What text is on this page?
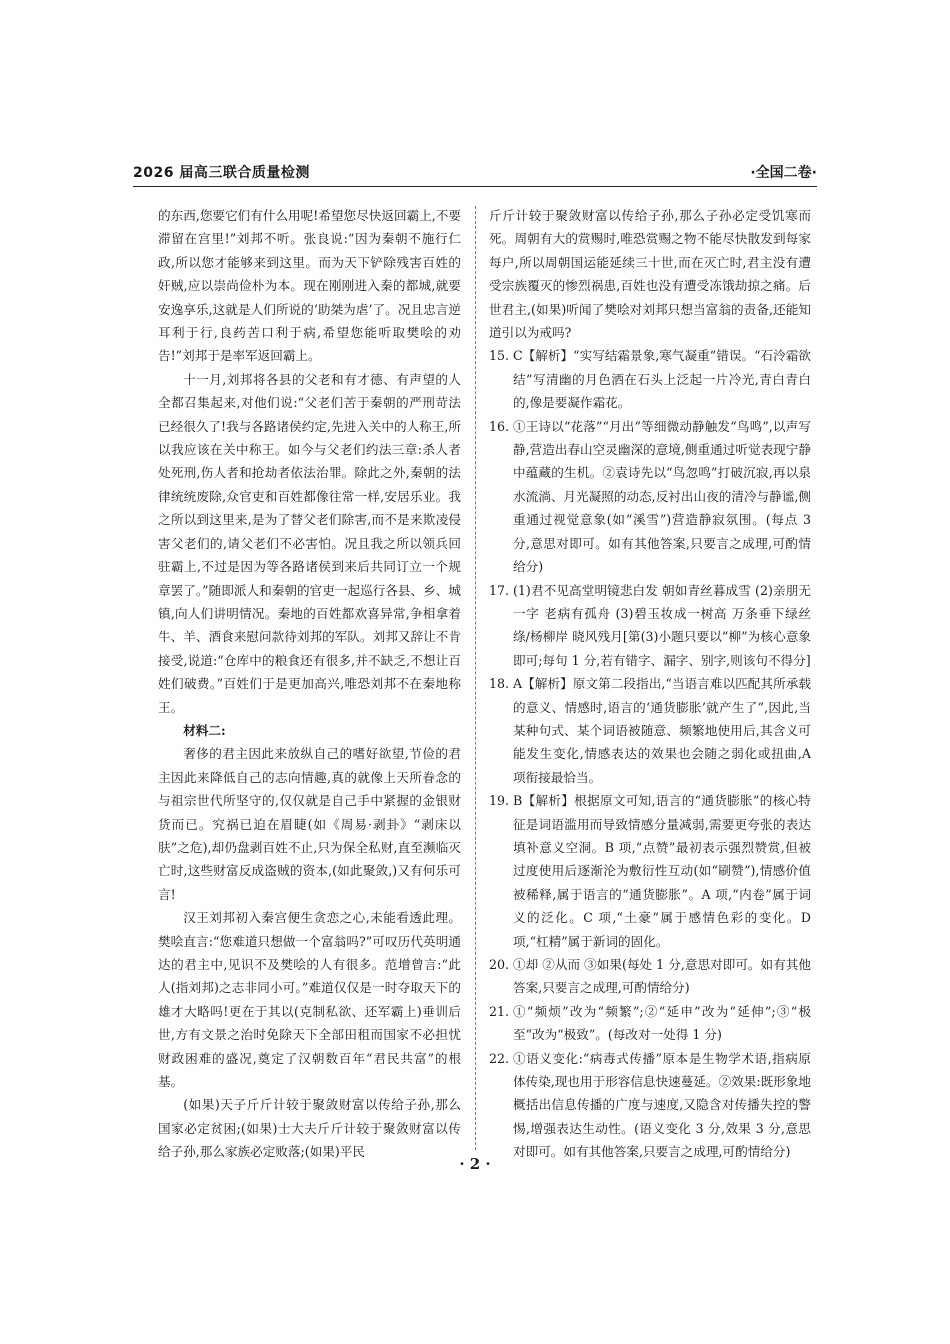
2026 届高三联合质量检测	·全国二卷·

的东西,您要它们有什么用呢!希望您尽快返回霸上,不要滞留在宫里!”刘邦不听。张良说:“因为秦朝不施行仁政,所以您才能够来到这里。而为天下铲除残害百姓的奸贼,应以崇尚俭朴为本。现在刚刚进入秦的都城,就要安逸享乐,这就是人们所说的‘助桀为虐’了。况且忠言逆耳利于行,良药苦口利于病,希望您能听取樊哙的劝告!”刘邦于是率军返回霸上。

十一月,刘邦将各县的父老和有才德、有声望的人全都召集起来,对他们说:“父老们苦于秦朝的严刑苛法已经很久了!我与各路诸侯约定,先进入关中的人称王,所以我应该在关中称王。如今与父老们约法三章:杀人者处死刑,伤人者和抢劫者依法治罪。除此之外,秦朝的法律统统废除,众官吏和百姓都像往常一样,安居乐业。我之所以到这里来,是为了替父老们除害,而不是来欺凌侵害父老们的,请父老们不必害怕。况且我之所以领兵回驻霸上,不过是因为等各路诸侯到来后共同订立一个规章罢了。”随即派人和秦朝的官吏一起巡行各县、乡、城镇,向人们讲明情况。秦地的百姓都欢喜异常,争相拿着牛、羊、酒食来慰问款待刘邦的军队。刘邦又辞让不肯接受,说道:“仓库中的粮食还有很多,并不缺乏,不想让百姓们破费。”百姓们于是更加高兴,唯恐刘邦不在秦地称王。

材料二:

奢侈的君主因此来放纵自己的嗜好欲望,节俭的君主因此来降低自己的志向情趣,真的就像上天所眷念的与祖宗世代所坚守的,仅仅就是自己手中紧握的金银财货而已。究祸已迫在眉睫(如《周易·剥卦》“剥床以肤”之危),却仍盘剥百姓不止,只为保全私财,直至濒临灭亡时,这些财富反成盗贼的资本,(如此聚敛,)又有何乐可言!

汉王刘邦初入秦宫便生贪恋之心,未能看透此理。樊哙直言:“您难道只想做一个富翁吗?”可叹历代英明通达的君主中,见识不及樊哙的人有很多。范增曾言:“此人(指刘邦)之志非同小可。”难道仅仅是一时夺取天下的雄才大略吗!更在于其以(克制私欲、还军霸上)垂训后世,方有文景之治时免除天下全部田租而国家不必担忧财政困难的盛况,奠定了汉朝数百年“君民共富”的根基。

(如果)天子斤斤计较于聚敛财富以传给子孙,那么国家必定贫困;(如果)士大夫斤斤计较于聚敛财富以传给子孙,那么家族必定败落;(如果)平民

斤斤计较于聚敛财富以传给子孙,那么子孙必定受饥寒而死。周朝有大的赏赐时,唯恐赏赐之物不能尽快散发到每家每户,所以周朝国运能延续三十世,而在灭亡时,君主没有遭受宗族覆灭的惨烈祸患,百姓也没有遭受冻饿劫掠之痛。后世君主,(如果)听闻了樊哙对刘邦只想当富翁的责备,还能知道引以为戒吗?

15. C【解析】“实写结霜景象,寒气凝重”错误。“石泠霜欲结”写清幽的月色洒在石头上泛起一片冷光,青白青白的,像是要凝作霜花。
16. ①王诗以“花落”“月出”等细微动静触发“鸟鸣”,以声写静,营造出春山空灵幽深的意境,侧重通过听觉表现宁静中蕴藏的生机。②袁诗先以“鸟忽鸣”打破沉寂,再以泉水流淌、月光凝照的动态,反衬出山夜的清冷与静谧,侧重通过视觉意象(如“溪雪”)营造静寂氛围。(每点 3 分,意思对即可。如有其他答案,只要言之成理,可酌情给分)
17. (1)君不见高堂明镜悲白发 朝如青丝暮成雪 (2)亲朋无一字 老病有孤舟 (3)碧玉妆成一树高 万条垂下绿丝绦/杨柳岸 晓风残月[第(3)小题只要以“柳”为核心意象即可;每句 1 分,若有错字、漏字、别字,则该句不得分]
18. A【解析】原文第二段指出,“当语言难以匹配其所承载的意义、情感时,语言的‘通货膨胀’就产生了”,因此,当某种句式、某个词语被随意、频繁地使用后,其含义可能发生变化,情感表达的效果也会随之弱化或扭曲,A 项衔接最恰当。
19. B【解析】根据原文可知,语言的“通货膨胀”的核心特征是词语滥用而导致情感分量减弱,需要更夸张的表达填补意义空洞。B 项,“点赞”最初表示强烈赞赏,但被过度使用后逐渐沦为敷衍性互动(如“刷赞”),情感价值被稀释,属于语言的“通货膨胀”。A 项,“内卷”属于词义的泛化。C 项,“土豪”属于感情色彩的变化。D 项,“杠精”属于新词的固化。
20. ①却 ②从而 ③如果(每处 1 分,意思对即可。如有其他答案,只要言之成理,可酌情给分)
21. ①“频烦”改为“频繁”;②“延申”改为“延伸”;③“极至”改为“极致”。(每改对一处得 1 分)
22. ①语义变化:“病毒式传播”原本是生物学术语,指病原体传染,现也用于形容信息快速蔓延。②效果:既形象地概括出信息传播的广度与速度,又隐含对传播失控的警惕,增强表达生动性。(语义变化 3 分,效果 3 分,意思对即可。如有其他答案,只要言之成理,可酌情给分)
· 2 ·
